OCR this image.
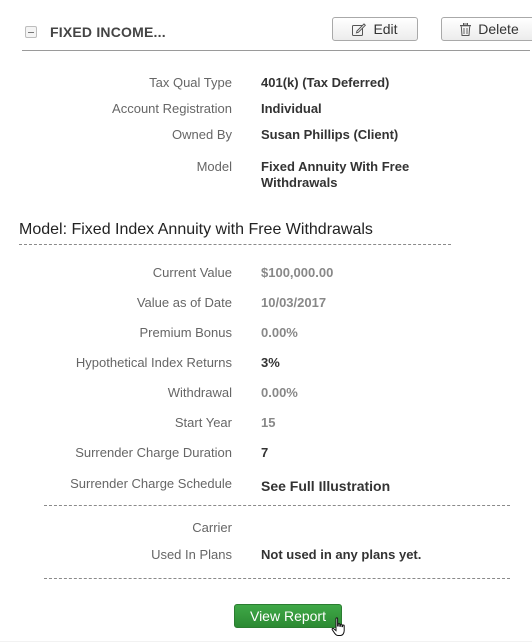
FIXED INCOME...	Edit	Delete
Tax Qual Type 401(k) (Tax Deferred)
Account Registration Individual
Owned By Susan Phillips (Client)
Model Fixed Annuity With Free Withdrawals
Model: Fixed Index Annuity with Free Withdrawals
Current Value $100,000.00
Value as of Date 10/03/2017
Premium Bonus 0.00%
Hypothetical Index Returns 3%
Withdrawal 0.00%
Start Year 15
Surrender Charge Duration 7
Surrender Charge Schedule See Full Illustration
Carrier
Used In Plans Not used in any plans yet.
View Report
